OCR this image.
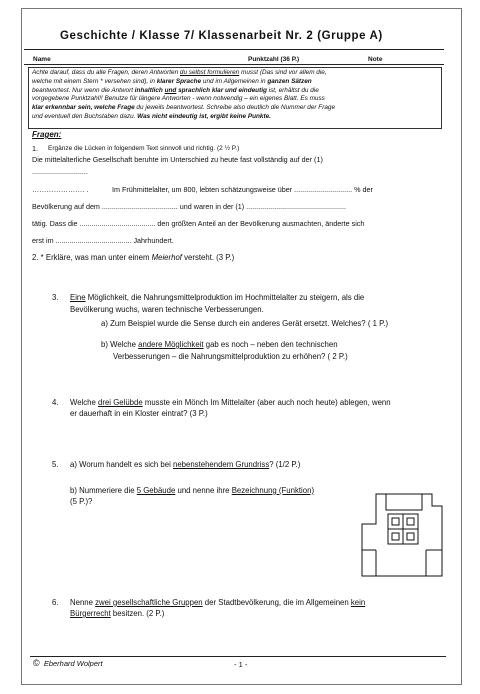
Geschichte / Klasse 7/ Klassenarbeit Nr. 2 (Gruppe A)
Name	Punktzahl (36 P.)	Note

Achte darauf, dass du alle Fragen, deren Antworten du selbst formulieren musst (Das sind vor allem die,

welche mit einem Stern * versehen sind), in klarer Sprache und im Allgemeinen in ganzen Sätzen

beantwortest. Nur wenn die Antwort inhaltlich und sprachlich klar und eindeutig ist, erhältst du die

vorgegebene Punktzahl!! Benutze für längere Antworten - wenn notwendig – ein eigenes Blatt. Es muss

klar erkennbar sein, welche Frage du jeweils beantwortest. Schreibe also deutlich die Nummer der Frage

und eventuell den Buchstaben dazu. Was nicht eindeutig ist, ergibt keine Punkte.

Fragen:
1. Ergänze die Lücken in folgendem Text sinnvoll und richtig. (2 ½ P.)
Die mittelalterliche Gesellschaft beruhte im Unterschied zu heute fast vollständig auf der (1)
............................
…………………. .	Im Frühmittelalter, um 800, lebten schätzungsweise über ............................. % der
Bevölkerung auf dem ...................................... und waren in der (1) ..................................................
tätig. Dass die ...................................... den größten Anteil an der Bevölkerung ausmachten, änderte sich
erst im ...................................... Jahrhundert.
2. * Erkläre, was man unter einem Meierhof versteht. (3 P.)
3. Eine Möglichkeit, die Nahrungsmittelproduktion im Hochmittelalter zu steigern, als die
Bevölkerung wuchs, waren technische Verbesserungen.
a) Zum Beispiel wurde die Sense durch ein anderes Gerät ersetzt. Welches? ( 1 P.)
b) Welche andere Möglichkeit gab es noch – neben den technischen
Verbesserungen – die Nahrungsmittelproduktion zu erhöhen? ( 2 P.)
4. Welche drei Gelübde musste ein Mönch Im Mittelalter (aber auch noch heute) ablegen, wenn
er dauerhaft in ein Kloster eintrat? (3 P.)
5. a) Worum handelt es sich bei nebenstehendem Grundriss? (1/2 P.)
b) Nummeriere die 5 Gebäude und nenne ihre Bezeichnung (Funktion)
(5 P.)?
6. Nenne zwei gesellschaftliche Gruppen der Stadtbevölkerung, die im Allgemeinen kein
Bürgerrecht besitzen. (2 P.)
© Eberhard Wolpert	- 1 -
